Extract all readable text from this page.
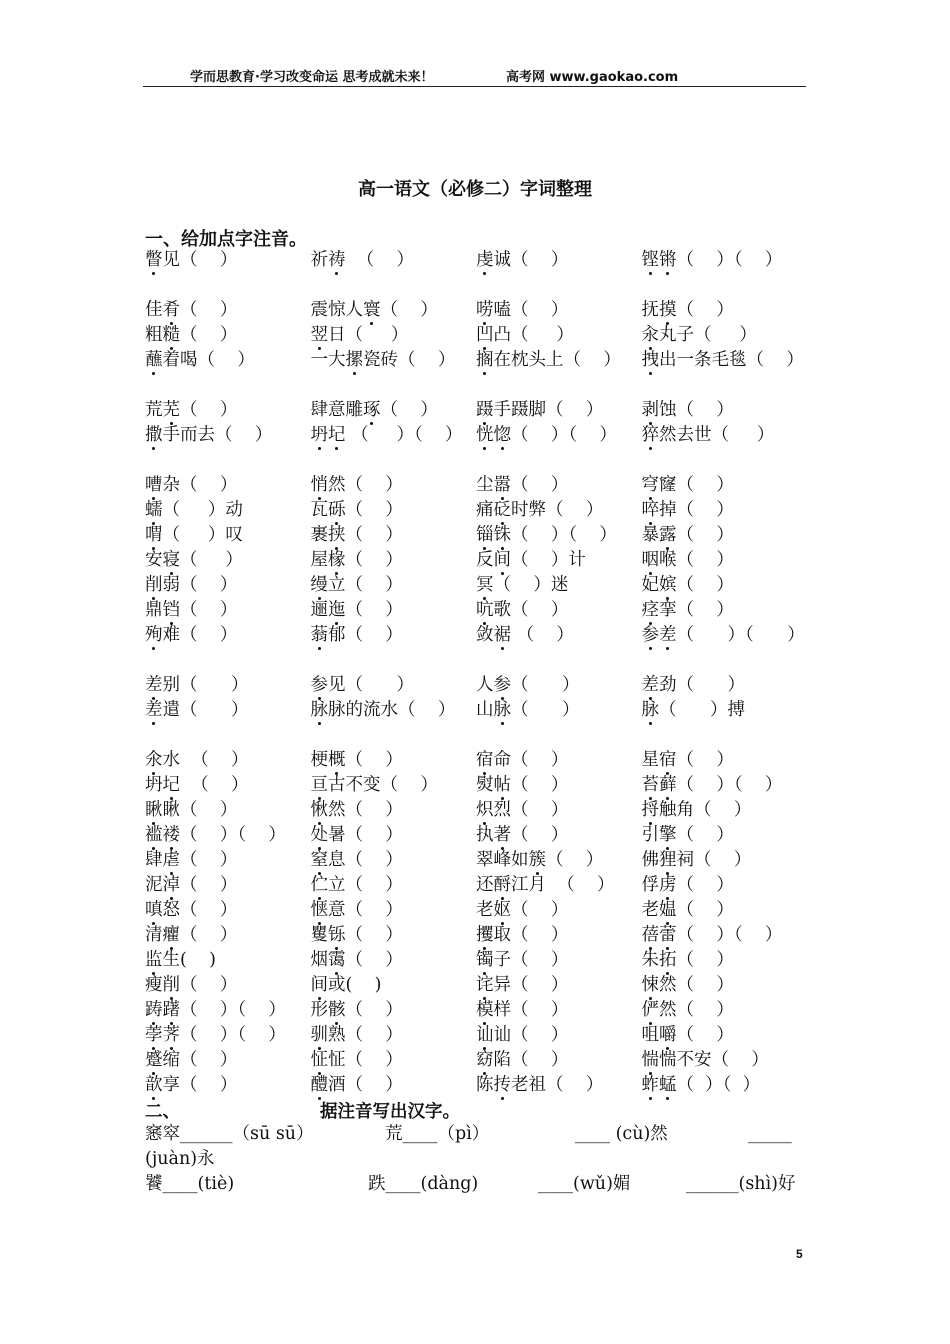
学而思教育·学习改变命运 思考成就未来！	高考网 www.gaokao.com
高一语文（必修二）字词整理
一、给加点字注音。
瞥见（ ）	祈祷 （ ）	虔诚（ ）	铿锵（ ）（ ）
佳肴（ ）	震惊人寰（ ）	唠嗑（ ）	抚摸（ ）
粗糙（ ）	翌日（ ）	凹凸（ ）	汆丸子（ ）
蘸着喝（ ）	一大摞瓷砖（ ）	搁在枕头上（ ）	拽出一条毛毯（ ）
荒芜（ ）	肆意雕琢（ ）	蹑手蹑脚（ ）	剥蚀（ ）
撒手而去（ ）	坍圮 （ ）（ ） 恍惚（ ）（ ）	猝然去世（ ）
嘈杂（ ）	悄然（ ）	尘嚣（ ）	穹窿（ ）
蠕（ ）动	瓦砾（ ）	痛砭时弊（ ）	啐掉（ ）
喟（ ）叹	裹挟（ ）	锱铢（ ）（ ）	暴露（ ）
安寝（ ）	屋椽（ ）	反间（ ）计	咽喉（ ）
削弱（ ）	缦立（ ）	冥（ ）迷	妃嫔（ ）
鼎铛（ ）	逦迤（ ）	吭歌（ ）	痉挛（ ）
殉难（ ）	蓊郁（ ）	敛裾 （ ）	参差（ ）（ ）
差别（ ）	参见（ ）	人参（ ）	差劲（ ）
差遣（ ）	脉脉的流水（ ）	山脉（ ）	脉（ ）搏
氽水 （ ）	梗概（ ）	宿命（ ）	星宿（ ）
坍圮 （ ）	亘古不变（ ）	熨帖（ ）	苔藓（ ）（ ）
瞅瞅（ ）	愀然（ ）	炽烈（ ）	捋触角（ ）
褴褛（ ）（ ）	处暑（ ）	执著（ ）	引擎（ ）
肆虐（ ）	窒息（ ）	翠峰如簇（ ）	佛狸祠（ ）
泥淖（ ）	伫立（ ）	还酹江月 （ ）	俘虏（ ）
嗔怒（ ）	惬意（ ）	老妪（ ）	老媪（ ）
清癯（ ）	矍铄（ ）	攫取（ ）	蓓蕾（ ）（ ）
监生( )	烟霭（ ）	镯子（ ）	朱拓（ ）
瘦削（ ）	间或( )	诧异（ ）	悚然（ ）
踌躇（ ）（ ）	形骸（ ）	模样（ ）	俨然（ ）
荸荠（ ）（ ）	驯熟（ ）	讪讪（ ）	咀嚼（ ）
蹙缩（ ）	怔怔（ ）	窈陷（ ）	惴惴不安（ ）
歆享（ ）	醴酒（ ）	陈抟老祖（ ）	蚱蜢（ ）（ ）
二、	据注音写出汉字。
窸窣______（sū sū）	荒____（pì）	____ (cù)然	_____
(juàn)永
饕____(tiè)	跌____(dàng)	____(wǔ)媚	______(shì)好
5
